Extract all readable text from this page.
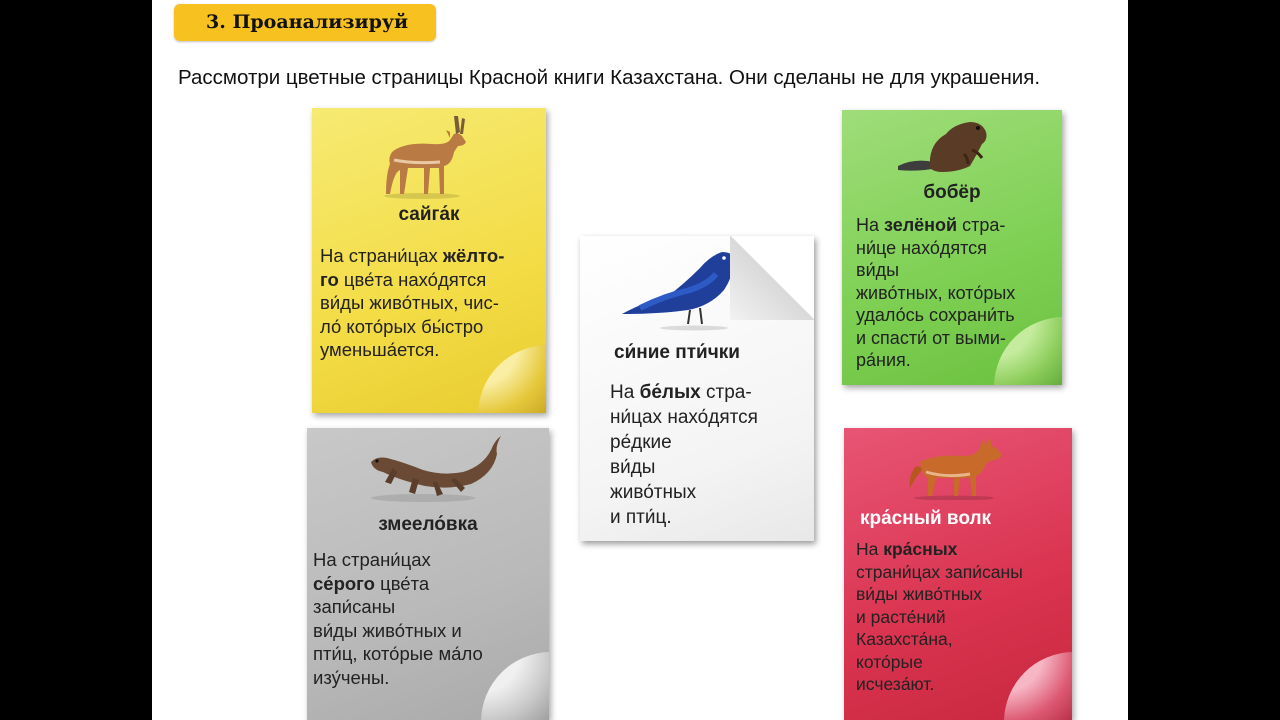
3. Проанализируй
Рассмотри цветные страницы Красной книги Казахстана. Они сделаны не для украшения.
сайга́к
На страни́цах жёлто-
го цве́та нахо́дятся
ви́ды живо́тных, чис-
ло́ кото́рых бы́стро
уменьша́ется.
бобёр
На зелёной стра-
ни́це нахо́дятся
ви́ды
живо́тных, кото́рых
удало́сь сохрани́ть
и спасти́ от выми-
ра́ния.
змеело́вка
На страни́цах
се́рого цве́та
запи́саны
ви́ды живо́тных и
пти́ц, кото́рые ма́ло
изу́чены.
кра́сный волк
На кра́сных
страни́цах запи́саны
ви́ды живо́тных
и расте́ний
Казахста́на,
кото́рые
исчеза́ют.
си́ние пти́чки
На бе́лых стра-
ни́цах нахо́дятся
ре́дкие
ви́ды
живо́тных
и пти́ц.
